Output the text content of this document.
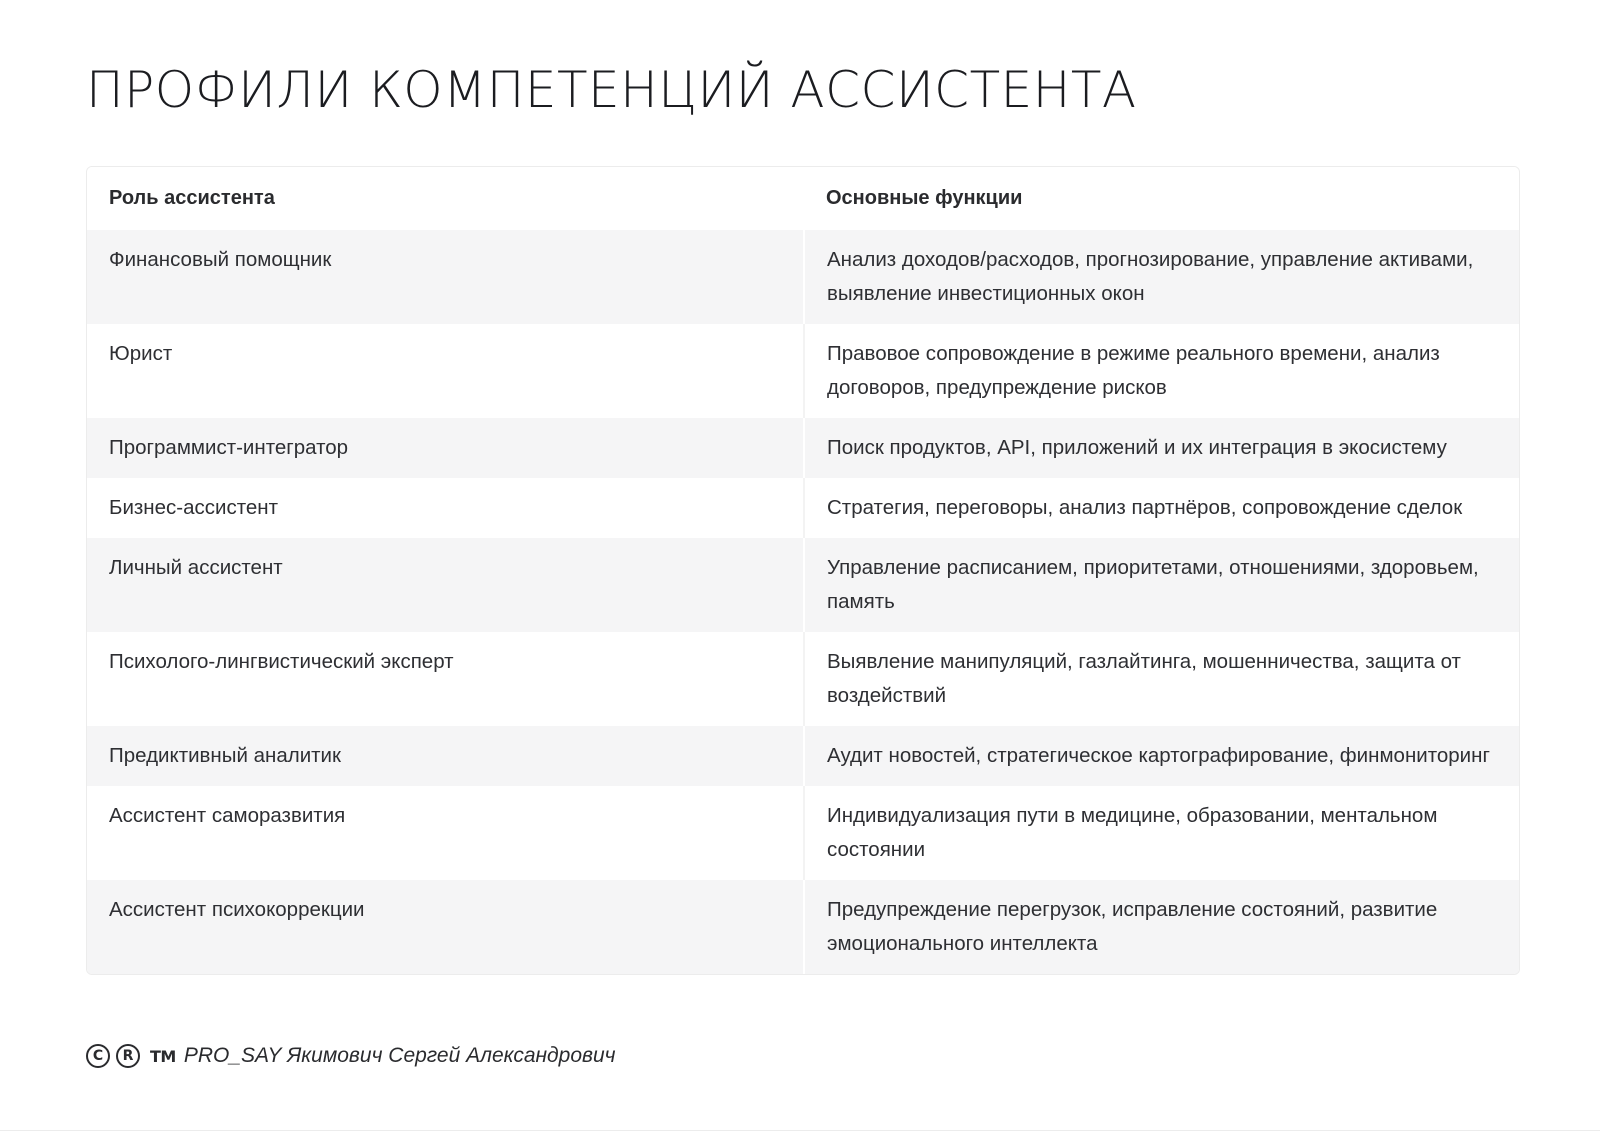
ПРОФИЛИ КОМПЕТЕНЦИЙ АССИСТЕНТА
Роль ассистента	Основные функции
Финансовый помощник	Анализ доходов/расходов, прогнозирование, управление активами, выявление инвестиционных окон
Юрист	Правовое сопровождение в режиме реального времени, анализ договоров, предупреждение рисков
Программист-интегратор	Поиск продуктов, API, приложений и их интеграция в экосистему
Бизнес-ассистент	Стратегия, переговоры, анализ партнёров, сопровождение сделок
Личный ассистент	Управление расписанием, приоритетами, отношениями, здоровьем, память
Психолого-лингвистический эксперт	Выявление манипуляций, газлайтинга, мошенничества, защита от воздействий
Предиктивный аналитик	Аудит новостей, стратегическое картографирование, финмониторинг
Ассистент саморазвития	Индивидуализация пути в медицине, образовании, ментальном состоянии
Ассистент психокоррекции	Предупреждение перегрузок, исправление состояний, развитие эмоционального интеллекта
C	R	TM PRO_SAY Якимович Сергей Александрович
